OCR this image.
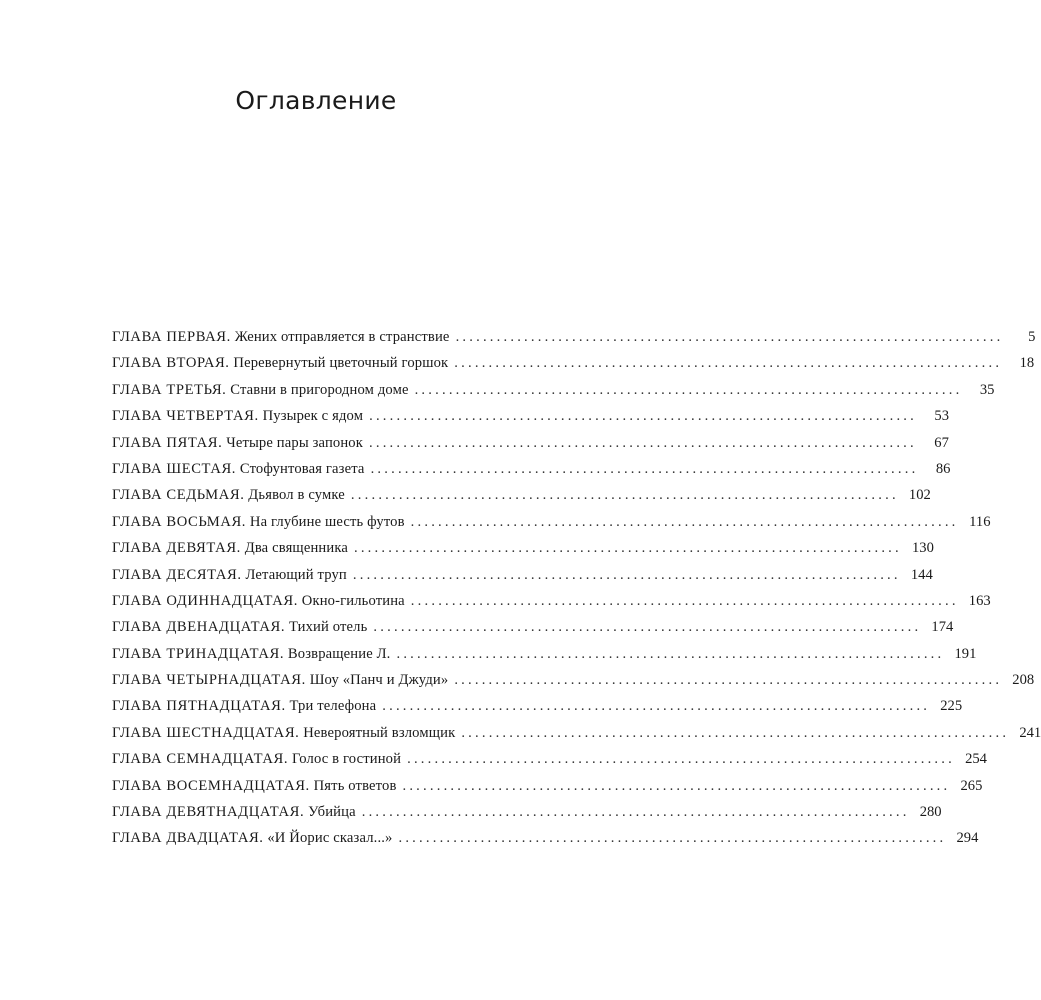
Оглавление
ГЛАВА ПЕРВАЯ. Жених отправляется в странствие ................................................................................	5
ГЛАВА ВТОРАЯ. Перевернутый цветочный горшок ................................................................................	18
ГЛАВА ТРЕТЬЯ. Ставни в пригородном доме ................................................................................	35
ГЛАВА ЧЕТВЕРТАЯ. Пузырек с ядом ................................................................................	53
ГЛАВА ПЯТАЯ. Четыре пары запонок ................................................................................	67
ГЛАВА ШЕСТАЯ. Стофунтовая газета ................................................................................	86
ГЛАВА СЕДЬМАЯ. Дьявол в сумке ................................................................................ 102
ГЛАВА ВОСЬМАЯ. На глубине шесть футов ................................................................................ 116
ГЛАВА ДЕВЯТАЯ. Два священника ................................................................................ 130
ГЛАВА ДЕСЯТАЯ. Летающий труп ................................................................................ 144
ГЛАВА ОДИННАДЦАТАЯ. Окно-гильотина ................................................................................ 163
ГЛАВА ДВЕНАДЦАТАЯ. Тихий отель ................................................................................ 174
ГЛАВА ТРИНАДЦАТАЯ. Возвращение Л. ................................................................................ 191
ГЛАВА ЧЕТЫРНАДЦАТАЯ. Шоу «Панч и Джуди» ................................................................................ 208
ГЛАВА ПЯТНАДЦАТАЯ. Три телефона ................................................................................ 225
ГЛАВА ШЕСТНАДЦАТАЯ. Невероятный взломщик ................................................................................ 241
ГЛАВА СЕМНАДЦАТАЯ. Голос в гостиной ................................................................................ 254
ГЛАВА ВОСЕМНАДЦАТАЯ. Пять ответов ................................................................................ 265
ГЛАВА ДЕВЯТНАДЦАТАЯ. Убийца ................................................................................ 280
ГЛАВА ДВАДЦАТАЯ. «И Йорис сказал...» ................................................................................ 294
